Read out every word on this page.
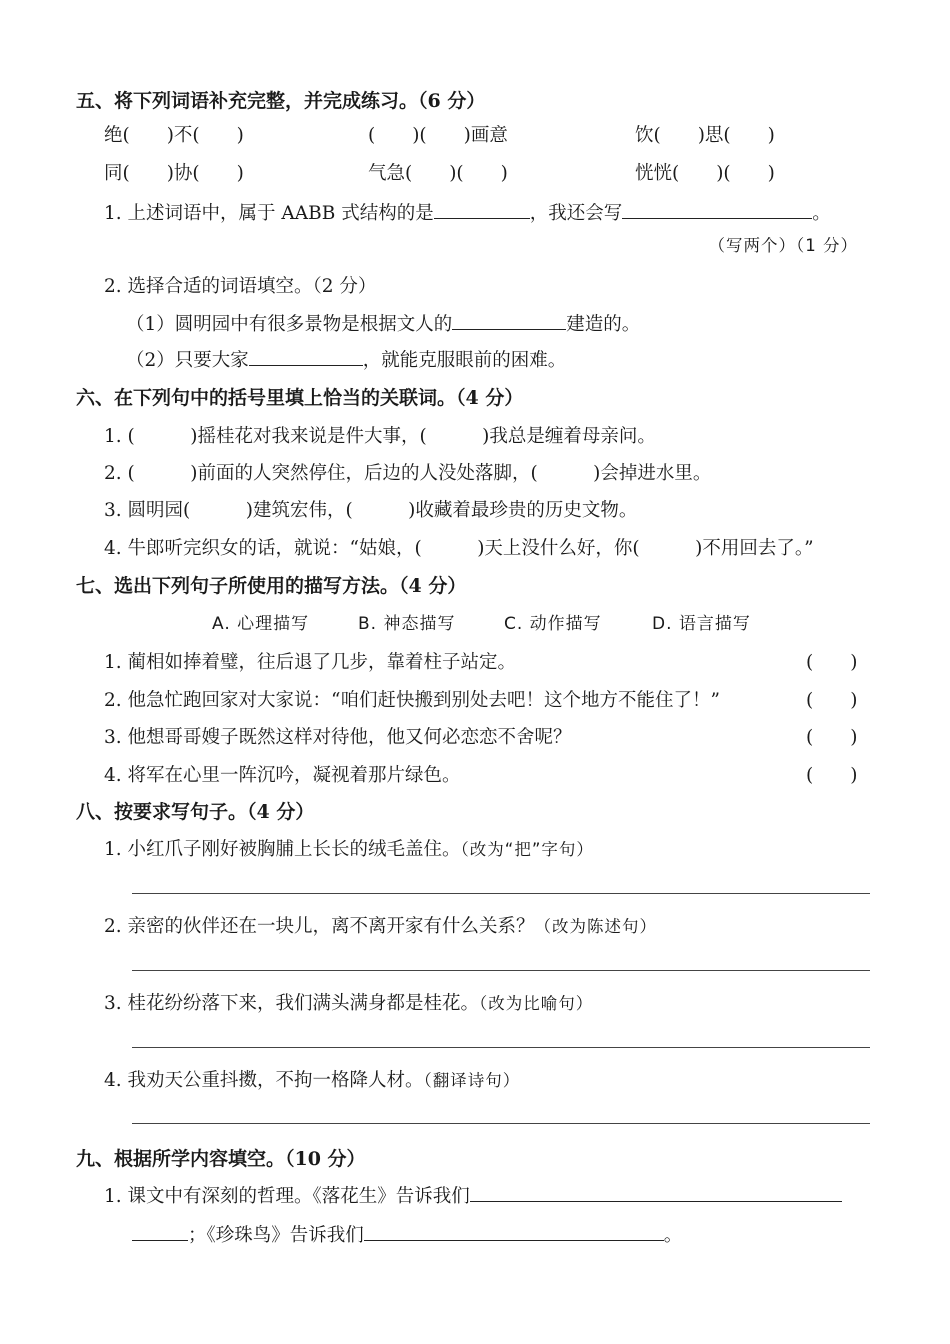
五、将下列词语补充完整，并完成练习。（6 分）
绝(　　)不(　　)	(　　)(　　)画意	饮(　　)思(　　)
同(　　)协(　　)	气急(　　)(　　)	恍恍(　　)(　　)
1. 上述词语中，属于 AABB 式结构的是	，我还会写	。
（写两个）（1 分）
2. 选择合适的词语填空。（2 分）
（1）圆明园中有很多景物是根据文人的	建造的。
（2）只要大家	，就能克服眼前的困难。
六、在下列句中的括号里填上恰当的关联词。（4 分）
1. (　　　)摇桂花对我来说是件大事，(　　　)我总是缠着母亲问。
2. (　　　)前面的人突然停住，后边的人没处落脚，(　　　)会掉进水里。
3. 圆明园(　　　)建筑宏伟，(　　　)收藏着最珍贵的历史文物。
4. 牛郎听完织女的话，就说：“姑娘，(　　　)天上没什么好，你(　　　)不用回去了。”
七、选出下列句子所使用的描写方法。（4 分）
A. 心理描写	B. 神态描写	C. 动作描写	D. 语言描写
1. 蔺相如捧着璧，往后退了几步，靠着柱子站定。	(　　)
2. 他急忙跑回家对大家说：“咱们赶快搬到别处去吧！这个地方不能住了！”	(　　)
3. 他想哥哥嫂子既然这样对待他，他又何必恋恋不舍呢？	(　　)
4. 将军在心里一阵沉吟，凝视着那片绿色。	(　　)
八、按要求写句子。（4 分）
1. 小红爪子刚好被胸脯上长长的绒毛盖住。（改为“把”字句）
2. 亲密的伙伴还在一块儿，离不离开家有什么关系？（改为陈述句）
3. 桂花纷纷落下来，我们满头满身都是桂花。（改为比喻句）
4. 我劝天公重抖擞，不拘一格降人材。（翻译诗句）
九、根据所学内容填空。（10 分）
1. 课文中有深刻的哲理。《落花生》告诉我们
；《珍珠鸟》告诉我们	。
